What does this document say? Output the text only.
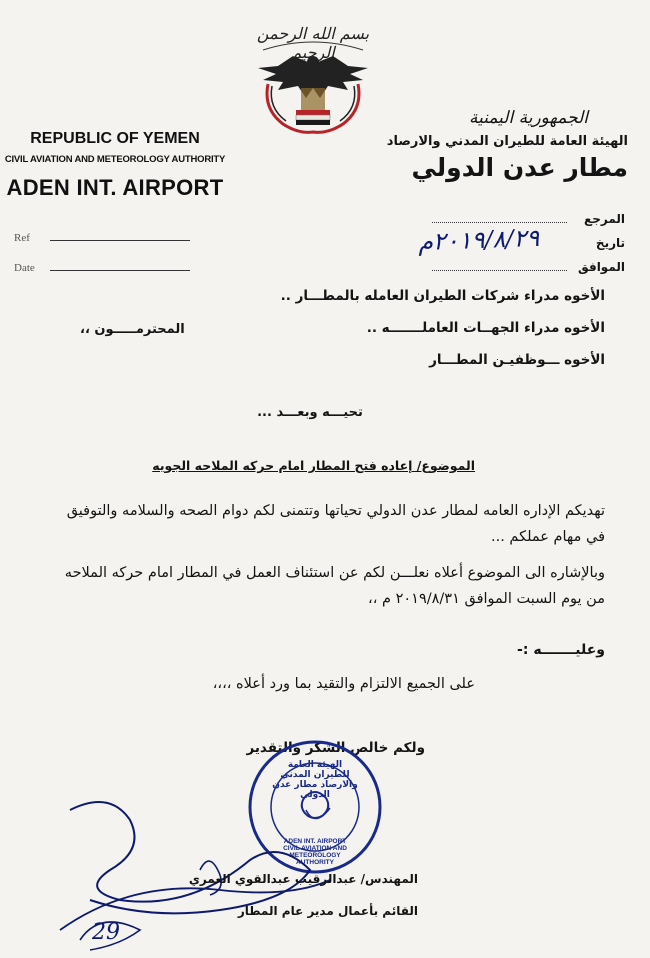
بسم الله الرحمن الرحيم
REPUBLIC OF YEMEN
CIVIL AVIATION AND METEOROLOGY AUTHORITY
ADEN INT. AIRPORT
Ref
Date
الجمهورية اليمنية
الهيئة العامة للطيران المدني والارصاد
مطار عدن الدولي
المرجع
تاريخ
٢٠١٩/٨/٢٩م
الموافق
الأخوه مدراء شركات الطيران العامله بالمطـــار ..
الأخوه مدراء الجهــات العاملـــــــه ..
الأخوه ـــوظفيـن المطـــار
المحترمـــــون ،،
تحيـــه وبعـــد ...
الموضوع/ إعاده فتح المطار امام حركه الملاحه الجويه
تهديكم الإداره العامه لمطار عدن الدولي تحياتها وتتمنى لكم دوام الصحه والسلامه والتوفيق في مهام عملكم ...
وبالإشاره الى الموضوع أعلاه نعلـــن لكم عن استئناف العمل في المطار امام حركه الملاحه من يوم السبت الموافق ٢٠١٩/٨/٣١ م ،،
وعليـــــــه :-
على الجميع الالتزام والتقيد بما ورد أعلاه ،،،،
ولكم خالص الشكر والتقدير
الهيئة العامة للطيران المدني والارصاد مطار عدن الدولي
ADEN INT. AIRPORT CIVIL AVIATION AND METEOROLOGY AUTHORITY
المهندس/ عبدالرقيب عبدالقوي العمري
القائم بأعمال مدير عام المطار
29
